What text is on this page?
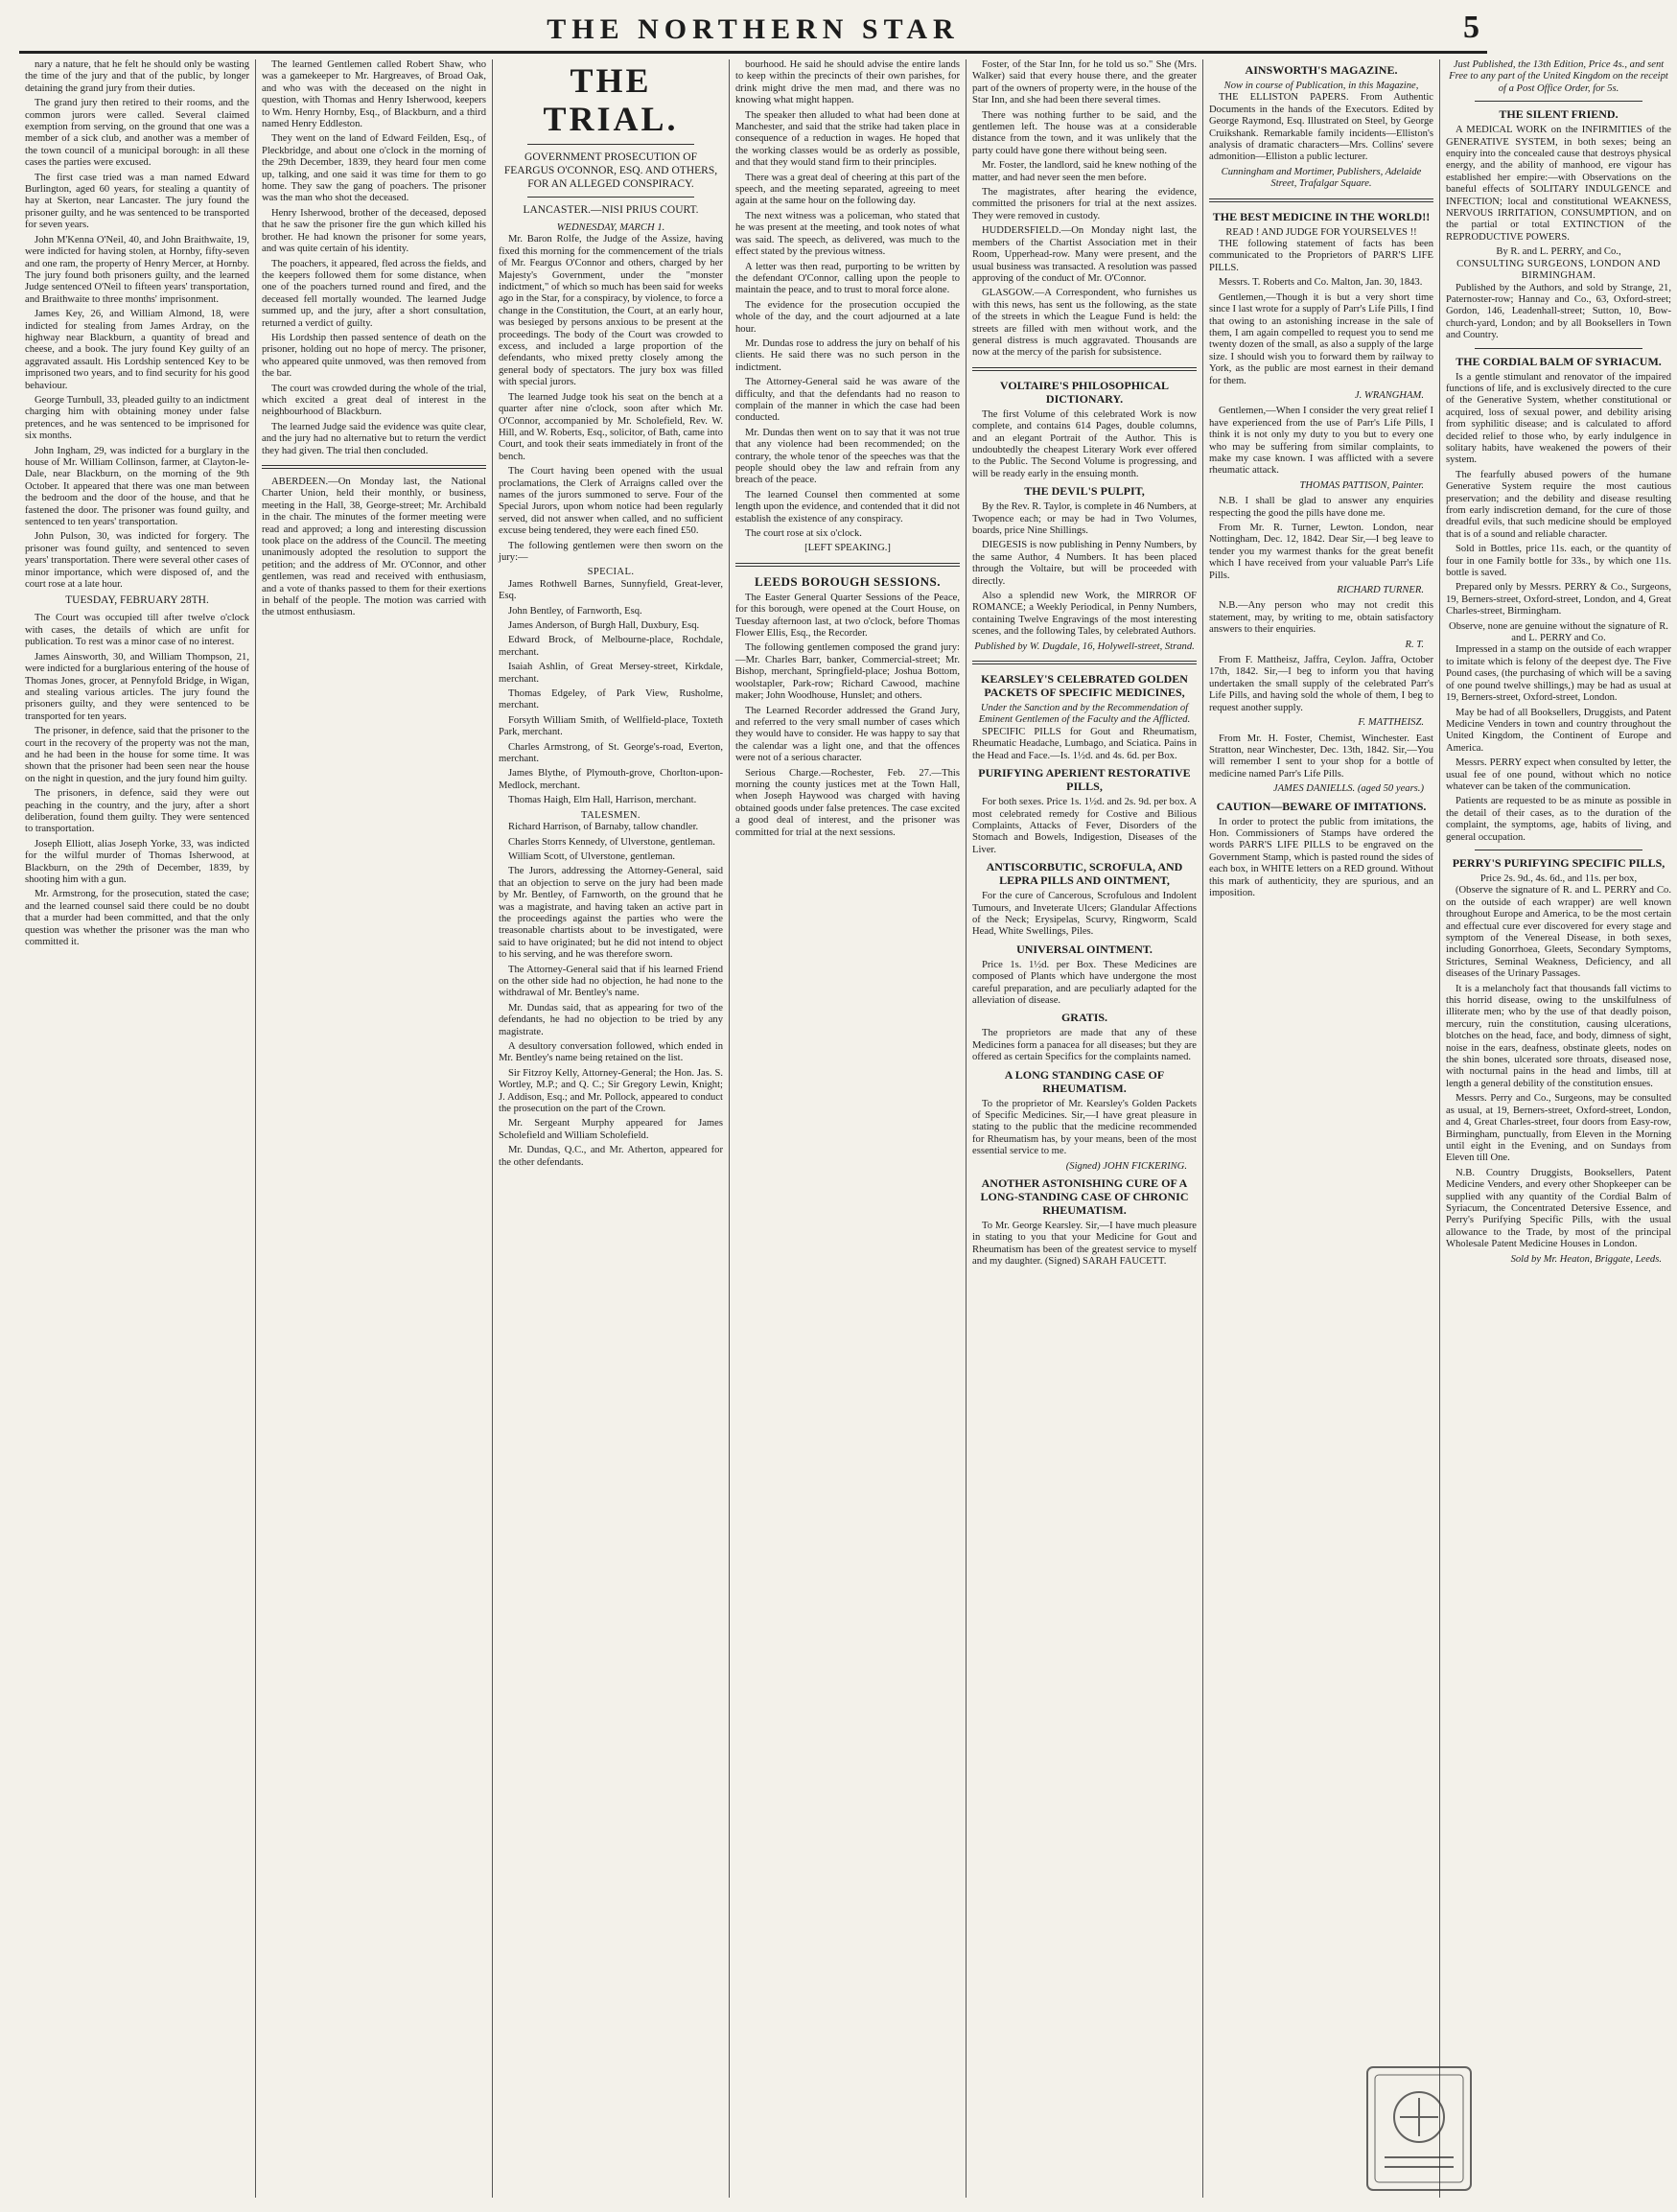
THE NORTHERN STAR	5

nary a nature, that he felt he should only be wasting the time of the jury and that of the public, by longer detaining the grand jury from their duties.

The grand jury then retired to their rooms, and the common jurors were called. Several claimed exemption from serving, on the ground that one was a member of a sick club, and another was a member of the town council of a municipal borough: in all these cases the parties were excused.

The first case tried was a man named Edward Burlington, aged 60 years, for stealing a quantity of hay at Skerton, near Lancaster. The jury found the prisoner guilty, and he was sentenced to be transported for seven years.

John M'Kenna O'Neil, 40, and John Braithwaite, 19, were indicted for having stolen, at Hornby, fifty-seven and one ram, the property of Henry Mercer, at Hornby. The jury found both prisoners guilty, and the learned Judge sentenced O'Neil to fifteen years' transportation, and Braithwaite to three months' imprisonment.

James Key, 26, and William Almond, 18, were indicted for stealing from James Ardray, on the highway near Blackburn, a quantity of bread and cheese, and a book. The jury found Key guilty of an aggravated assault. His Lordship sentenced Key to be imprisoned two years, and to find security for his good behaviour.

George Turnbull, 33, pleaded guilty to an indictment charging him with obtaining money under false pretences, and he was sentenced to be imprisoned for six months.

John Ingham, 29, was indicted for a burglary in the house of Mr. William Collinson, farmer, at Clayton-le-Dale, near Blackburn, on the morning of the 9th October. It appeared that there was one man between the bedroom and the door of the house, and that he fastened the door. The prisoner was found guilty, and sentenced to ten years' transportation.

John Pulson, 30, was indicted for forgery. The prisoner was found guilty, and sentenced to seven years' transportation. There were several other cases of minor importance, which were disposed of, and the court rose at a late hour.

TUESDAY, FEBRUARY 28TH.

The Court was occupied till after twelve o'clock with cases, the details of which are unfit for publication. To rest was a minor case of no interest.

James Ainsworth, 30, and William Thompson, 21, were indicted for a burglarious entering of the house of Thomas Jones, grocer, at Pennyfold Bridge, in Wigan, and stealing various articles. The jury found the prisoners guilty, and they were sentenced to be transported for ten years.

The prisoner, in defence, said that the prisoner to the court in the recovery of the property was not the man, and he had been in the house for some time. It was shown that the prisoner had been seen near the house on the night in question, and the jury found him guilty.

The prisoners, in defence, said they were out peaching in the country, and the jury, after a short deliberation, found them guilty. They were sentenced to transportation.

Joseph Elliott, alias Joseph Yorke, 33, was indicted for the wilful murder of Thomas Isherwood, at Blackburn, on the 29th of December, 1839, by shooting him with a gun.

Mr. Armstrong, for the prosecution, stated the case; and the learned counsel said there could be no doubt that a murder had been committed, and that the only question was whether the prisoner was the man who committed it.

The learned Gentlemen called Robert Shaw, who was a gamekeeper to Mr. Hargreaves, of Broad Oak, and who was with the deceased on the night in question, with Thomas and Henry Isherwood, keepers to Wm. Henry Hornby, Esq., of Blackburn, and a third named Henry Eddleston.

They went on the land of Edward Feilden, Esq., of Pleckbridge, and about one o'clock in the morning of the 29th December, 1839, they heard four men come up, talking, and one said it was time for them to go home. They saw the gang of poachers. The prisoner was the man who shot the deceased.

Henry Isherwood, brother of the deceased, deposed that he saw the prisoner fire the gun which killed his brother. He had known the prisoner for some years, and was quite certain of his identity.

The poachers, it appeared, fled across the fields, and the keepers followed them for some distance, when one of the poachers turned round and fired, and the deceased fell mortally wounded. The learned Judge summed up, and the jury, after a short consultation, returned a verdict of guilty.

His Lordship then passed sentence of death on the prisoner, holding out no hope of mercy. The prisoner, who appeared quite unmoved, was then removed from the bar.

The court was crowded during the whole of the trial, which excited a great deal of interest in the neighbourhood of Blackburn.

The learned Judge said the evidence was quite clear, and the jury had no alternative but to return the verdict they had given. The trial then concluded.

ABERDEEN.—On Monday last, the National Charter Union, held their monthly, or business, meeting in the Hall, 38, George-street; Mr. Archibald in the chair. The minutes of the former meeting were read and approved; a long and interesting discussion took place on the address of the Council. The meeting unanimously adopted the resolution to support the petition; and the address of Mr. O'Connor, and other gentlemen, was read and received with enthusiasm, and a vote of thanks passed to them for their exertions in behalf of the people. The motion was carried with the utmost enthusiasm.

THE TRIAL.
GOVERNMENT PROSECUTION OF FEARGUS O'CONNOR, ESQ. AND OTHERS, FOR AN ALLEGED CONSPIRACY.
LANCASTER.—NISI PRIUS COURT.
WEDNESDAY, MARCH 1.

Mr. Baron Rolfe, the Judge of the Assize, having fixed this morning for the commencement of the trials of Mr. Feargus O'Connor and others, charged by her Majesty's Government, under the "monster indictment," of which so much has been said for weeks ago in the Star, for a conspiracy, by violence, to force a change in the Constitution, the Court, at an early hour, was besieged by persons anxious to be present at the proceedings. The body of the Court was crowded to excess, and included a large proportion of the defendants, who mixed pretty closely among the general body of spectators. The jury box was filled with special jurors.

The learned Judge took his seat on the bench at a quarter after nine o'clock, soon after which Mr. O'Connor, accompanied by Mr. Scholefield, Rev. W. Hill, and W. Roberts, Esq., solicitor, of Bath, came into Court, and took their seats immediately in front of the bench.

The Court having been opened with the usual proclamations, the Clerk of Arraigns called over the names of the jurors summoned to serve. Four of the Special Jurors, upon whom notice had been regularly served, did not answer when called, and no sufficient excuse being tendered, they were each fined £50.

The following gentlemen were then sworn on the jury:—

SPECIAL.

James Rothwell Barnes, Sunnyfield, Great-lever, Esq.

John Bentley, of Farnworth, Esq.

James Anderson, of Burgh Hall, Duxbury, Esq.

Edward Brock, of Melbourne-place, Rochdale, merchant.

Isaiah Ashlin, of Great Mersey-street, Kirkdale, merchant.

Thomas Edgeley, of Park View, Rusholme, merchant.

Forsyth William Smith, of Wellfield-place, Toxteth Park, merchant.

Charles Armstrong, of St. George's-road, Everton, merchant.

James Blythe, of Plymouth-grove, Chorlton-upon-Medlock, merchant.

Thomas Haigh, Elm Hall, Harrison, merchant.

TALESMEN.

Richard Harrison, of Barnaby, tallow chandler.

Charles Storrs Kennedy, of Ulverstone, gentleman.

William Scott, of Ulverstone, gentleman.

The Jurors, addressing the Attorney-General, said that an objection to serve on the jury had been made by Mr. Bentley, of Farnworth, on the ground that he was a magistrate, and having taken an active part in the proceedings against the parties who were the treasonable chartists about to be investigated, were said to have originated; but he did not intend to object to his serving, and he was therefore sworn.

The Attorney-General said that if his learned Friend on the other side had no objection, he had none to the withdrawal of Mr. Bentley's name.

Mr. Dundas said, that as appearing for two of the defendants, he had no objection to be tried by any magistrate.

A desultory conversation followed, which ended in Mr. Bentley's name being retained on the list.

Sir Fitzroy Kelly, Attorney-General; the Hon. Jas. S. Wortley, M.P.; and Q. C.; Sir Gregory Lewin, Knight; J. Addison, Esq.; and Mr. Pollock, appeared to conduct the prosecution on the part of the Crown.

Mr. Sergeant Murphy appeared for James Scholefield and William Scholefield.

Mr. Dundas, Q.C., and Mr. Atherton, appeared for the other defendants.

bourhood. He said he should advise the entire lands to keep within the precincts of their own parishes, for drink might drive the men mad, and there was no knowing what might happen.

The speaker then alluded to what had been done at Manchester, and said that the strike had taken place in consequence of a reduction in wages. He hoped that the working classes would be as orderly as possible, and that they would stand firm to their principles.

There was a great deal of cheering at this part of the speech, and the meeting separated, agreeing to meet again at the same hour on the following day.

The next witness was a policeman, who stated that he was present at the meeting, and took notes of what was said. The speech, as delivered, was much to the effect stated by the previous witness.

A letter was then read, purporting to be written by the defendant O'Connor, calling upon the people to maintain the peace, and to trust to moral force alone.

The evidence for the prosecution occupied the whole of the day, and the court adjourned at a late hour.

Mr. Dundas rose to address the jury on behalf of his clients. He said there was no such person in the indictment.

The Attorney-General said he was aware of the difficulty, and that the defendants had no reason to complain of the manner in which the case had been conducted.

Mr. Dundas then went on to say that it was not true that any violence had been recommended; on the contrary, the whole tenor of the speeches was that the people should obey the law and refrain from any breach of the peace.

The learned Counsel then commented at some length upon the evidence, and contended that it did not establish the existence of any conspiracy.

The court rose at six o'clock.

[LEFT SPEAKING.]
LEEDS BOROUGH SESSIONS.

The Easter General Quarter Sessions of the Peace, for this borough, were opened at the Court House, on Tuesday afternoon last, at two o'clock, before Thomas Flower Ellis, Esq., the Recorder.

The following gentlemen composed the grand jury:—Mr. Charles Barr, banker, Commercial-street; Mr. Bishop, merchant, Springfield-place; Joshua Bottom, woolstapler, Park-row; Richard Cawood, machine maker; John Woodhouse, Hunslet; and others.

The Learned Recorder addressed the Grand Jury, and referred to the very small number of cases which they would have to consider. He was happy to say that the calendar was a light one, and that the offences were not of a serious character.

Serious Charge.—Rochester, Feb. 27.—This morning the county justices met at the Town Hall, when Joseph Haywood was charged with having obtained goods under false pretences. The case excited a good deal of interest, and the prisoner was committed for trial at the next sessions.

Foster, of the Star Inn, for he told us so." She (Mrs. Walker) said that every house there, and the greater part of the owners of property were, in the house of the Star Inn, and she had been there several times.

There was nothing further to be said, and the gentlemen left. The house was at a considerable distance from the town, and it was unlikely that the party could have gone there without being seen.

Mr. Foster, the landlord, said he knew nothing of the matter, and had never seen the men before.

The magistrates, after hearing the evidence, committed the prisoners for trial at the next assizes. They were removed in custody.

HUDDERSFIELD.—On Monday night last, the members of the Chartist Association met in their Room, Upperhead-row. Many were present, and the usual business was transacted. A resolution was passed approving of the conduct of Mr. O'Connor.

GLASGOW.—A Correspondent, who furnishes us with this news, has sent us the following, as the state of the streets in which the League Fund is held: the streets are filled with men without work, and the general distress is much aggravated. Thousands are now at the mercy of the parish for subsistence.

VOLTAIRE'S PHILOSOPHICAL DICTIONARY.

The first Volume of this celebrated Work is now complete, and contains 614 Pages, double columns, and an elegant Portrait of the Author. This is undoubtedly the cheapest Literary Work ever offered to the Public. The Second Volume is progressing, and will be ready early in the ensuing month.

THE DEVIL'S PULPIT,

By the Rev. R. Taylor, is complete in 46 Numbers, at Twopence each; or may be had in Two Volumes, boards, price Nine Shillings.

DIEGESIS is now publishing in Penny Numbers, by the same Author, 4 Numbers. It has been placed through the Voltaire, but will be proceeded with directly.

Also a splendid new Work, the MIRROR OF ROMANCE; a Weekly Periodical, in Penny Numbers, containing Twelve Engravings of the most interesting scenes, and the following Tales, by celebrated Authors.

Published by W. Dugdale, 16, Holywell-street, Strand.
KEARSLEY'S CELEBRATED GOLDEN PACKETS OF SPECIFIC MEDICINES,
Under the Sanction and by the Recommendation of Eminent Gentlemen of the Faculty and the Afflicted.

SPECIFIC PILLS for Gout and Rheumatism, Rheumatic Headache, Lumbago, and Sciatica. Pains in the Head and Face.—Is. 1½d. and 4s. 6d. per Box.

PURIFYING APERIENT RESTORATIVE PILLS,

For both sexes. Price 1s. 1½d. and 2s. 9d. per box. A most celebrated remedy for Costive and Bilious Complaints, Attacks of Fever, Disorders of the Stomach and Bowels, Indigestion, Diseases of the Liver.

ANTISCORBUTIC, SCROFULA, AND LEPRA PILLS AND OINTMENT,

For the cure of Cancerous, Scrofulous and Indolent Tumours, and Inveterate Ulcers; Glandular Affections of the Neck; Erysipelas, Scurvy, Ringworm, Scald Head, White Swellings, Piles.

UNIVERSAL OINTMENT.

Price 1s. 1½d. per Box. These Medicines are composed of Plants which have undergone the most careful preparation, and are peculiarly adapted for the alleviation of disease.

GRATIS.

The proprietors are made that any of these Medicines form a panacea for all diseases; but they are offered as certain Specifics for the complaints named.

A LONG STANDING CASE OF RHEUMATISM.

To the proprietor of Mr. Kearsley's Golden Packets of Specific Medicines. Sir,—I have great pleasure in stating to the public that the medicine recommended for Rheumatism has, by your means, been of the most essential service to me.

(Signed) JOHN FICKERING.
ANOTHER ASTONISHING CURE OF A LONG-STANDING CASE OF CHRONIC RHEUMATISM.

To Mr. George Kearsley. Sir,—I have much pleasure in stating to you that your Medicine for Gout and Rheumatism has been of the greatest service to myself and my daughter. (Signed) SARAH FAUCETT.

AINSWORTH'S MAGAZINE.
Now in course of Publication, in this Magazine,

THE ELLISTON PAPERS. From Authentic Documents in the hands of the Executors. Edited by George Raymond, Esq. Illustrated on Steel, by George Cruikshank. Remarkable family incidents—Elliston's analysis of dramatic characters—Mrs. Collins' severe admonition—Elliston a public lecturer.

Cunningham and Mortimer, Publishers, Adelaide Street, Trafalgar Square.
THE BEST MEDICINE IN THE WORLD!!
READ ! AND JUDGE FOR YOURSELVES !!

THE following statement of facts has been communicated to the Proprietors of PARR'S LIFE PILLS.

Messrs. T. Roberts and Co. Malton, Jan. 30, 1843.

Gentlemen,—Though it is but a very short time since I last wrote for a supply of Parr's Life Pills, I find that owing to an astonishing increase in the sale of them, I am again compelled to request you to send me twenty dozen of the small, as also a supply of the large size. I should wish you to forward them by railway to York, as the public are most earnest in their demand for them.

J. WRANGHAM.

Gentlemen,—When I consider the very great relief I have experienced from the use of Parr's Life Pills, I think it is not only my duty to you but to every one who may be suffering from similar complaints, to make my case known. I was afflicted with a severe rheumatic attack.

THOMAS PATTISON, Painter.

N.B. I shall be glad to answer any enquiries respecting the good the pills have done me.

From Mr. R. Turner, Lewton. London, near Nottingham, Dec. 12, 1842. Dear Sir,—I beg leave to tender you my warmest thanks for the great benefit which I have received from your valuable Parr's Life Pills.

RICHARD TURNER.

N.B.—Any person who may not credit this statement, may, by writing to me, obtain satisfactory answers to their enquiries.

R. T.

From F. Mattheisz, Jaffra, Ceylon. Jaffra, October 17th, 1842. Sir,—I beg to inform you that having undertaken the small supply of the celebrated Parr's Life Pills, and having sold the whole of them, I beg to request another supply.

F. MATTHEISZ.

From Mr. H. Foster, Chemist, Winchester. East Stratton, near Winchester, Dec. 13th, 1842. Sir,—You will remember I sent to your shop for a bottle of medicine named Parr's Life Pills.

JAMES DANIELLS. (aged 50 years.)
CAUTION—BEWARE OF IMITATIONS.

In order to protect the public from imitations, the Hon. Commissioners of Stamps have ordered the words PARR'S LIFE PILLS to be engraved on the Government Stamp, which is pasted round the sides of each box, in WHITE letters on a RED ground. Without this mark of authenticity, they are spurious, and an imposition.

Just Published, the 13th Edition, Price 4s., and sent Free to any part of the United Kingdom on the receipt of a Post Office Order, for 5s.
THE SILENT FRIEND.

A MEDICAL WORK on the INFIRMITIES of the GENERATIVE SYSTEM, in both sexes; being an enquiry into the concealed cause that destroys physical energy, and the ability of manhood, ere vigour has established her empire:—with Observations on the baneful effects of SOLITARY INDULGENCE and INFECTION; local and constitutional WEAKNESS, NERVOUS IRRITATION, CONSUMPTION, and on the partial or total EXTINCTION of the REPRODUCTIVE POWERS.

By R. and L. PERRY, and Co.,
CONSULTING SURGEONS, LONDON AND BIRMINGHAM.

Published by the Authors, and sold by Strange, 21, Paternoster-row; Hannay and Co., 63, Oxford-street; Gordon, 146, Leadenhall-street; Sutton, 10, Bow-church-yard, London; and by all Booksellers in Town and Country.

THE CORDIAL BALM OF SYRIACUM.

Is a gentle stimulant and renovator of the impaired functions of life, and is exclusively directed to the cure of the Generative System, whether constitutional or acquired, loss of sexual power, and debility arising from syphilitic disease; and is calculated to afford decided relief to those who, by early indulgence in solitary habits, have weakened the powers of their system.

The fearfully abused powers of the humane Generative System require the most cautious preservation; and the debility and disease resulting from early indiscretion demand, for the cure of those dreadful evils, that such medicine should be employed that is of a sound and reliable character.

Sold in Bottles, price 11s. each, or the quantity of four in one Family bottle for 33s., by which one 11s. bottle is saved.

Prepared only by Messrs. PERRY & Co., Surgeons, 19, Berners-street, Oxford-street, London, and 4, Great Charles-street, Birmingham.

Observe, none are genuine without the signature of R. and L. PERRY and Co.

Impressed in a stamp on the outside of each wrapper to imitate which is felony of the deepest dye. The Five Pound cases, (the purchasing of which will be a saving of one pound twelve shillings,) may be had as usual at 19, Berners-street, Oxford-street, London.

May be had of all Booksellers, Druggists, and Patent Medicine Venders in town and country throughout the United Kingdom, the Continent of Europe and America.

Messrs. PERRY expect when consulted by letter, the usual fee of one pound, without which no notice whatever can be taken of the communication.

Patients are requested to be as minute as possible in the detail of their cases, as to the duration of the complaint, the symptoms, age, habits of living, and general occupation.

PERRY'S PURIFYING SPECIFIC PILLS,
Price 2s. 9d., 4s. 6d., and 11s. per box,

(Observe the signature of R. and L. PERRY and Co. on the outside of each wrapper) are well known throughout Europe and America, to be the most certain and effectual cure ever discovered for every stage and symptom of the Venereal Disease, in both sexes, including Gonorrhoea, Gleets, Secondary Symptoms, Strictures, Seminal Weakness, Deficiency, and all diseases of the Urinary Passages.

It is a melancholy fact that thousands fall victims to this horrid disease, owing to the unskilfulness of illiterate men; who by the use of that deadly poison, mercury, ruin the constitution, causing ulcerations, blotches on the head, face, and body, dimness of sight, noise in the ears, deafness, obstinate gleets, nodes on the shin bones, ulcerated sore throats, diseased nose, with nocturnal pains in the head and limbs, till at length a general debility of the constitution ensues.

Messrs. Perry and Co., Surgeons, may be consulted as usual, at 19, Berners-street, Oxford-street, London, and 4, Great Charles-street, four doors from Easy-row, Birmingham, punctually, from Eleven in the Morning until eight in the Evening, and on Sundays from Eleven till One.

N.B. Country Druggists, Booksellers, Patent Medicine Venders, and every other Shopkeeper can be supplied with any quantity of the Cordial Balm of Syriacum, the Concentrated Detersive Essence, and Perry's Purifying Specific Pills, with the usual allowance to the Trade, by most of the principal Wholesale Patent Medicine Houses in London.

Sold by Mr. Heaton, Briggate, Leeds.
